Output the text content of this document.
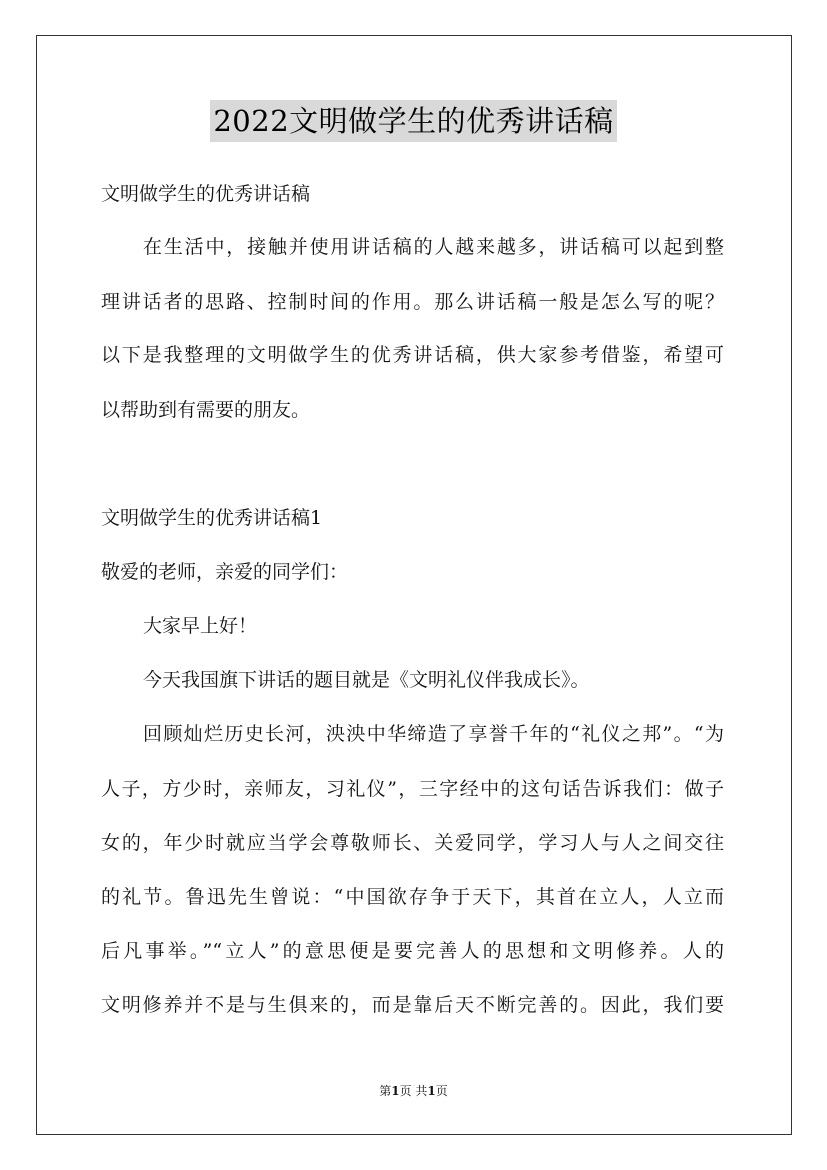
2022文明做学生的优秀讲话稿
文明做学生的优秀讲话稿
在生活中，接触并使用讲话稿的人越来越多，讲话稿可以起到整
理讲话者的思路、控制时间的作用。那么讲话稿一般是怎么写的呢？
以下是我整理的文明做学生的优秀讲话稿，供大家参考借鉴，希望可
以帮助到有需要的朋友。
文明做学生的优秀讲话稿1
敬爱的老师，亲爱的同学们：
大家早上好！
今天我国旗下讲话的题目就是《文明礼仪伴我成长》。
回顾灿烂历史长河，泱泱中华缔造了享誉千年的“礼仪之邦”。“为
人子，方少时，亲师友，习礼仪”，三字经中的这句话告诉我们：做子
女的，年少时就应当学会尊敬师长、关爱同学，学习人与人之间交往
的礼节。鲁迅先生曾说：“中国欲存争于天下，其首在立人，人立而
后凡事举。”“立人”的意思便是要完善人的思想和文明修养。人的
文明修养并不是与生俱来的，而是靠后天不断完善的。因此，我们要
第1页 共1页
